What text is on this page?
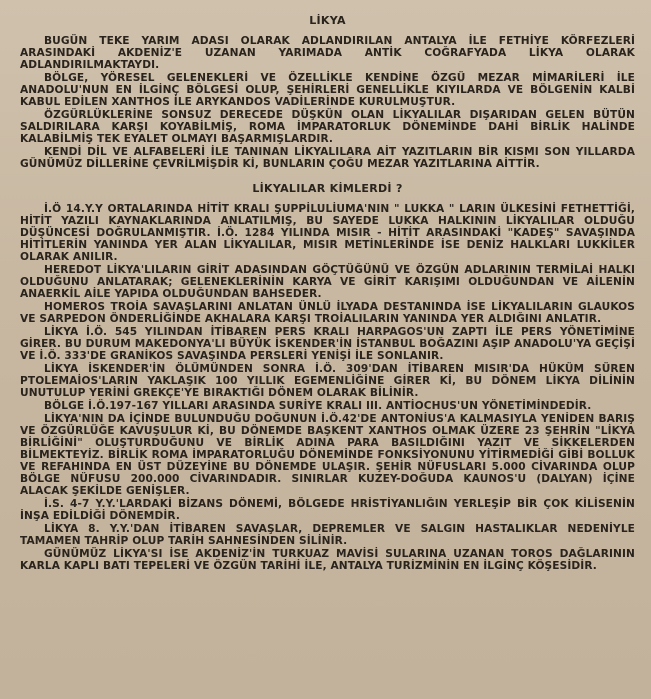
LİKYA

BUGÜN TEKE YARIM ADASI OLARAK ADLANDIRILAN ANTALYA İLE FETHİYE KÖRFEZLERİ ARASINDAKİ AKDENİZ'E UZANAN YARIMADA ANTİK COĞRAFYADA LİKYA OLARAK ADLANDIRILMAKTAYDI.

BÖLGE, YÖRESEL GELENEKLERİ VE ÖZELLİKLE KENDİNE ÖZGÜ MEZAR MİMARİLERİ İLE ANADOLU'NUN EN İLGİNÇ BÖLGESİ OLUP, ŞEHİRLERİ GENELLİKLE KIYILARDA VE BÖLGENİN KALBİ KABUL EDİLEN XANTHOS İLE ARYKANDOS VADİLERİNDE KURULMUŞTUR.

ÖZGÜRLÜKLERİNE SONSUZ DERECEDE DÜŞKÜN OLAN LİKYALILAR DIŞARIDAN GELEN BÜTÜN SALDIRILARA KARŞI KOYABİLMİŞ, ROMA İMPARATORLUK DÖNEMİNDE DAHİ BİRLİK HALİNDE KALABİLMİŞ TEK EYALET OLMAYI BAŞARMIŞLARDIR.

KENDİ DİL VE ALFABELERİ İLE TANINAN LİKYALILARA AİT YAZITLARIN BİR KISMI SON YILLARDA GÜNÜMÜZ DİLLERİNE ÇEVRİLMİŞDİR Kİ, BUNLARIN ÇOĞU MEZAR YAZITLARINA AİTTİR.

LİKYALILAR KİMLERDİ ?

İ.Ö 14.Y.Y ORTALARINDA HİTİT KRALI ŞUPPİLULİUMA'NIN " LUKKA " LARIN ÜLKESİNİ FETHETTİĞİ, HİTİT YAZILI KAYNAKLARINDA ANLATILMIŞ, BU SAYEDE LUKKA HALKININ LİKYALILAR OLDUĞU DÜŞÜNCESİ DOĞRULANMIŞTIR. İ.Ö. 1284 YILINDA MISIR - HİTİT ARASINDAKİ "KADEŞ" SAVAŞINDA HİTİTLERİN YANINDA YER ALAN LİKYALILAR, MISIR METİNLERİNDE İSE DENİZ HALKLARI LUKKİLER OLARAK ANILIR.

HEREDOT LİKYA'LILARIN GİRİT ADASINDAN GÖÇTÜĞÜNÜ VE ÖZGÜN ADLARININ TERMİLAİ HALKI OLDUĞUNU ANLATARAK; GELENEKLERİNİN KARYA VE GİRİT KARIŞIMI OLDUĞUNDAN VE AİLENİN ANAERKİL AİLE YAPIDA OLDUĞUNDAN BAHSEDER.

HOMEROS TROİA SAVAŞLARINI ANLATAN ÜNLÜ İLYADA DESTANINDA İSE LİKYALILARIN GLAUKOS VE SARPEDON ÖNDERLİĞİNDE AKHALARA KARŞI TROİALILARIN YANINDA YER ALDIĞINI ANLATIR.

LİKYA İ.Ö. 545 YILINDAN İTİBAREN PERS KRALI HARPAGOS'UN ZAPTI İLE PERS YÖNETİMİNE GİRER. BU DURUM MAKEDONYA'LI BÜYÜK İSKENDER'İN İSTANBUL BOĞAZINI AŞIP ANADOLU'YA GEÇİŞİ VE İ.Ö. 333'DE GRANİKOS SAVAŞINDA PERSLERİ YENİŞİ İLE SONLANIR.

LİKYA İSKENDER'İN ÖLÜMÜNDEN SONRA İ.Ö. 309'DAN İTİBAREN MISIR'DA HÜKÜM SÜREN PTOLEMAİOS'LARIN YAKLAŞIK 100 YILLIK EGEMENLİĞİNE GİRER Kİ, BU DÖNEM LİKYA DİLİNİN UNUTULUP YERİNİ GREKÇE'YE BIRAKTIĞI DÖNEM OLARAK BİLİNİR.

BÖLGE İ.Ö.197-167 YILLARI ARASINDA SURİYE KRALI III. ANTİOCHUS'UN YÖNETİMİNDEDİR.

LİKYA'NIN DA İÇİNDE BULUNDUĞU DOĞUNUN İ.Ö.42'DE ANTONİUS'A KALMASIYLA YENİDEN BARIŞ VE ÖZGÜRLÜĞE KAVUŞULUR Kİ, BU DÖNEMDE BAŞKENT XANTHOS OLMAK ÜZERE 23 ŞEHRİN "LİKYA BİRLİĞİNİ" OLUŞTURDUĞUNU VE BİRLİK ADINA PARA BASILDIĞINI YAZIT VE SİKKELERDEN BİLMEKTEYİZ. BİRLİK ROMA İMPARATORLUĞU DÖNEMİNDE FONKSİYONUNU YİTİRMEDİĞİ GİBİ BOLLUK VE REFAHINDA EN ÜST DÜZEYİNE BU DÖNEMDE ULAŞIR. ŞEHİR NÜFUSLARI 5.000 CİVARINDA OLUP BÖLGE NÜFUSU 200.000 CİVARINDADIR. SINIRLAR KUZEY-DOĞUDA KAUNOS'U (DALYAN) İÇİNE ALACAK ŞEKİLDE GENİŞLER.

İ.S. 4-7 Y.Y.'LARDAKİ BİZANS DÖNEMİ, BÖLGEDE HRİSTİYANLIĞIN YERLEŞİP BİR ÇOK KİLİSENİN İNŞA EDİLDİĞİ DÖNEMDİR.

LİKYA 8. Y.Y.'DAN İTİBAREN SAVAŞLAR, DEPREMLER VE SALGIN HASTALIKLAR NEDENİYLE TAMAMEN TAHRİP OLUP TARİH SAHNESİNDEN SİLİNİR.

GÜNÜMÜZ LİKYA'SI İSE AKDENİZ'İN TURKUAZ MAVİSİ SULARINA UZANAN TOROS DAĞLARININ KARLA KAPLI BATI TEPELERİ VE ÖZGÜN TARİHİ İLE, ANTALYA TURİZMİNİN EN İLGİNÇ KÖŞESİDİR.
